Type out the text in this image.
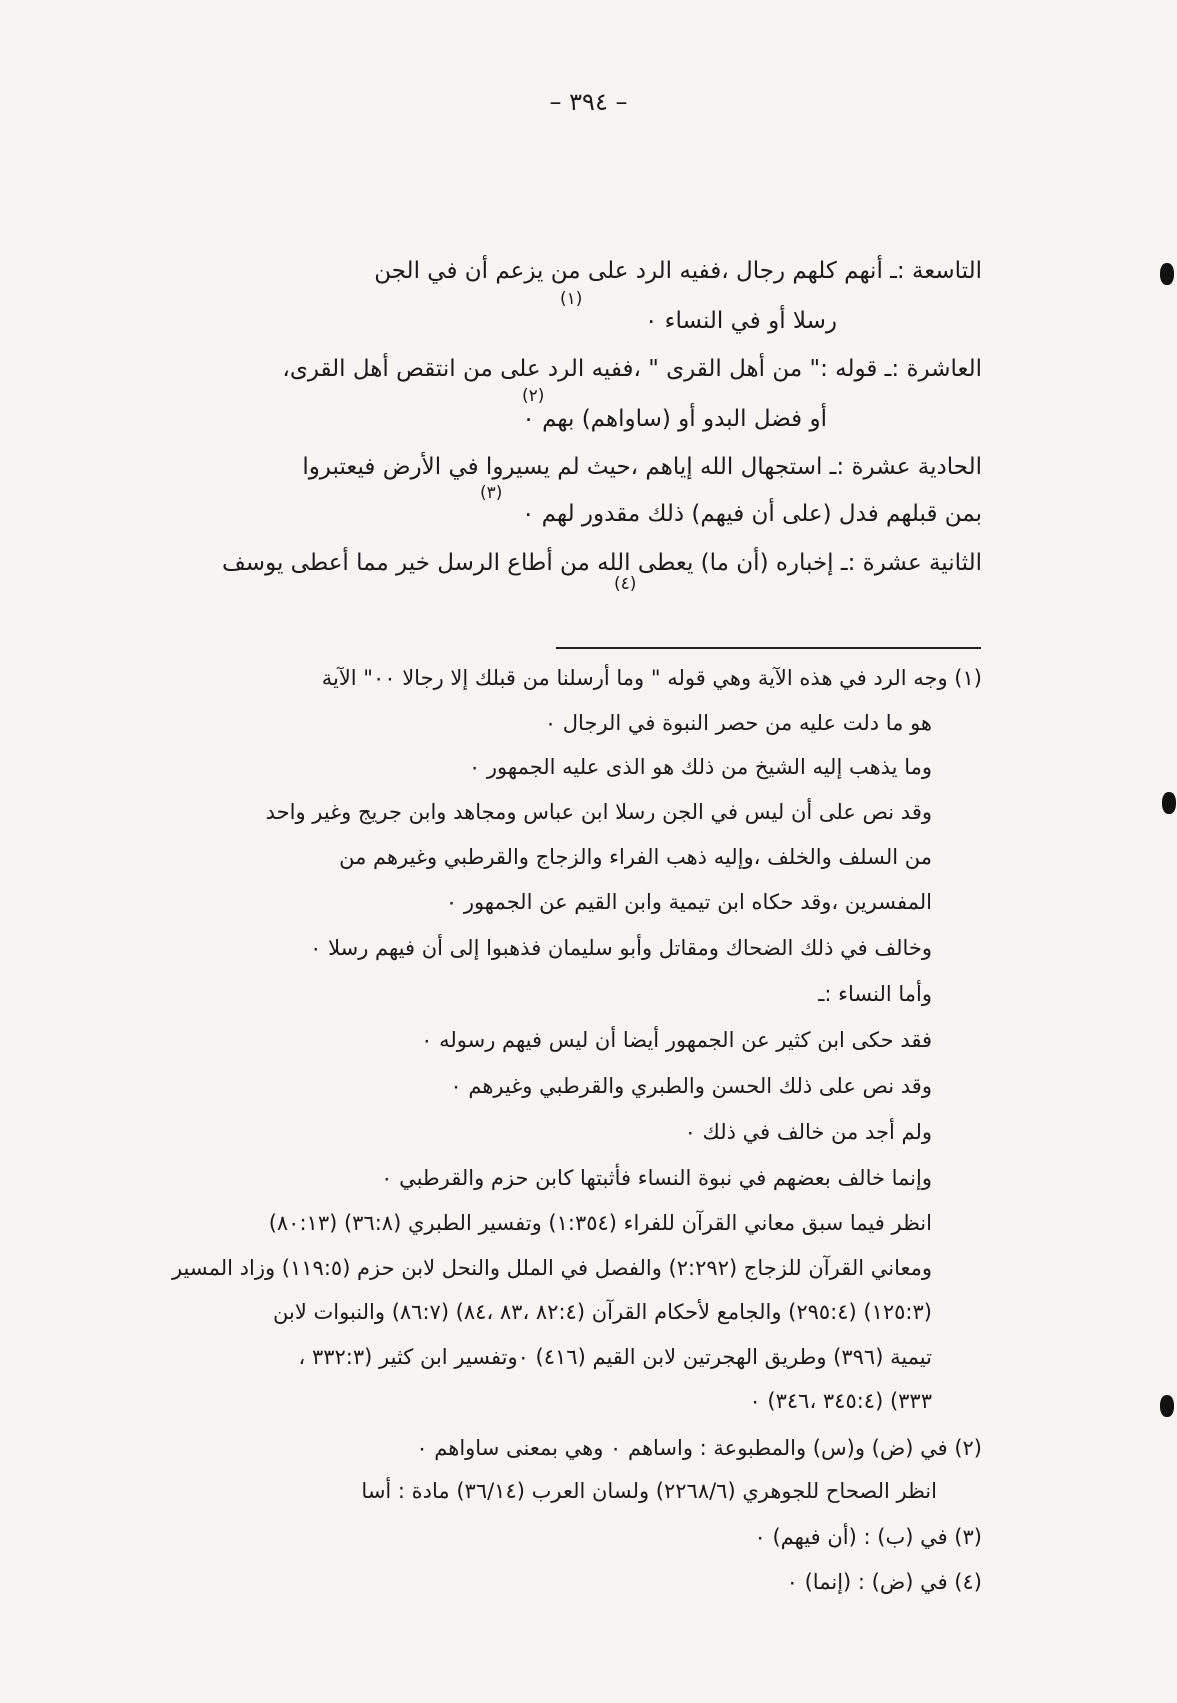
– ٣٩٤ –
التاسعة :ـ أنهم كلهم رجال ،ففيه الرد على من يزعم أن في الجن
(١)
رسلا أو في النساء ٠
العاشرة :ـ قوله :" من أهل القرى " ،ففيه الرد على من انتقص أهل القرى،
(٢)
أو فضل البدو أو (ساواهم) بهم ٠
الحادية عشرة :ـ استجهال الله إياهم ،حيث لم يسيروا في الأرض فيعتبروا
(٣)
بمن قبلهم فدل (على أن فيهم) ذلك مقدور لهم ٠
الثانية عشرة :ـ إخباره (أن ما) يعطى الله من أطاع الرسل خير مما أعطى يوسف
(٤)
(١) وجه الرد في هذه الآية وهي قوله " وما أرسلنا من قبلك إلا رجالا ٠٠" الآية
هو ما دلت عليه من حصر النبوة في الرجال ٠
وما يذهب إليه الشيخ من ذلك هو الذى عليه الجمهور ٠
وقد نص على أن ليس في الجن رسلا ابن عباس ومجاهد وابن جريج وغير واحد
من السلف والخلف ،وإليه ذهب الفراء والزجاج والقرطبي وغيرهم من
المفسرين ،وقد حكاه ابن تيمية وابن القيم عن الجمهور ٠
وخالف في ذلك الضحاك ومقاتل وأبو سليمان فذهبوا إلى أن فيهم رسلا ٠
وأما النساء :ـ
فقد حكى ابن كثير عن الجمهور أيضا أن ليس فيهم رسوله ٠
وقد نص على ذلك الحسن والطبري والقرطبي وغيرهم ٠
ولم أجد من خالف في ذلك ٠
وإنما خالف بعضهم في نبوة النساء فأثبتها كابن حزم والقرطبي ٠
انظر فيما سبق معاني القرآن للفراء (١:٣٥٤) وتفسير الطبري (٣٦:٨) (٨٠:١٣)
ومعاني القرآن للزجاج (٢:٢٩٢) والفصل في الملل والنحل لابن حزم (١١٩:٥) وزاد المسير
(١٢٥:٣) (٢٩٥:٤) والجامع لأحكام القرآن (٨٢:٤ ،٨٣ ،٨٤) (٨٦:٧) والنبوات لابن
تيمية (٣٩٦) وطريق الهجرتين لابن القيم (٤١٦) ٠وتفسير ابن كثير (٣٣٢:٣ ،
٣٣٣) (٣٤٥:٤ ،٣٤٦) ٠
(٢) في (ض) و(س) والمطبوعة : واساهم ٠ وهي بمعنى ساواهم ٠
انظر الصحاح للجوهري (٢٢٦٨/٦) ولسان العرب (٣٦/١٤) مادة : أسا
(٣) في (ب) : (أن فيهم) ٠
(٤) في (ض) : (إنما) ٠
